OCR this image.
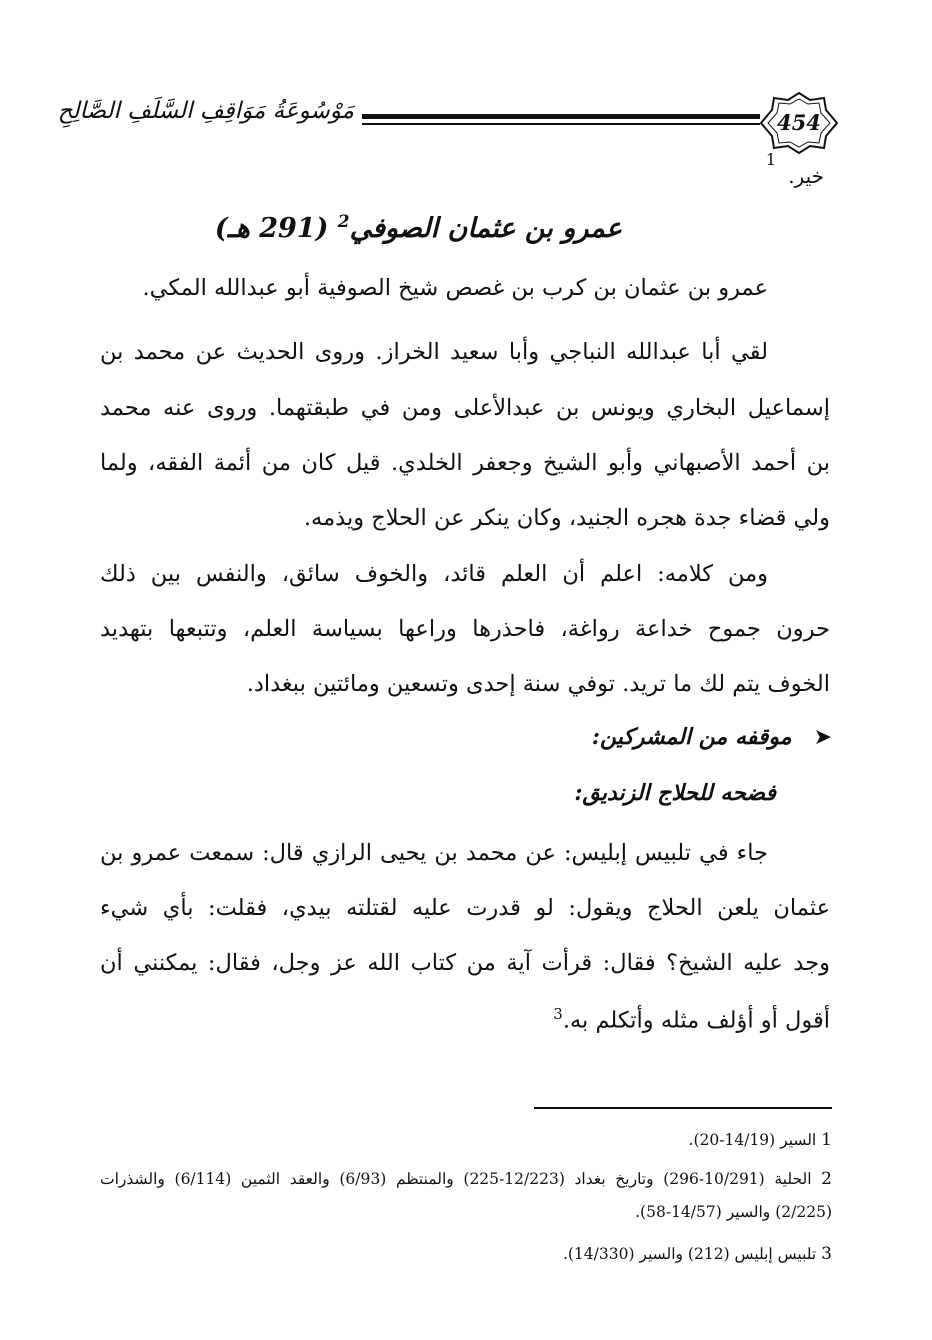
454
مَوْسُوعَةُ مَوَاقِفِ السَّلَفِ الصَّالِحِ
1
خير.
عمرو بن عثمان الصوفي$^2$ (291 هـ)
عمرو بن عثمان بن كرب بن غصص شيخ الصوفية أبو عبدالله المكي.
لقي أبا عبدالله النباجي وأبا سعيد الخراز. وروى الحديث عن محمد بن
إسماعيل البخاري ويونس بن عبدالأعلى ومن في طبقتهما. وروى عنه محمد
بن أحمد الأصبهاني وأبو الشيخ وجعفر الخلدي. قيل كان من أئمة الفقه، ولما
ولي قضاء جدة هجره الجنيد، وكان ينكر عن الحلاج ويذمه.
ومن كلامه: اعلم أن العلم قائد، والخوف سائق، والنفس بين ذلك
حرون جموح خداعة رواغة، فاحذرها وراعها بسياسة العلم، وتتبعها بتهديد
الخوف يتم لك ما تريد. توفي سنة إحدى وتسعين ومائتين ببغداد.
➤موقفه من المشركين:
فضحه للحلاج الزنديق:
جاء في تلبيس إبليس: عن محمد بن يحيى الرازي قال: سمعت عمرو بن
عثمان يلعن الحلاج ويقول: لو قدرت عليه لقتلته بيدي، فقلت: بأي شيء
وجد عليه الشيخ؟ فقال: قرأت آية من كتاب الله عز وجل، فقال: يمكنني أن
أقول أو أؤلف مثله وأتكلم به.$^3$
1 السير (14/19-20).
2 الحلية (10/291-296) وتاريخ بغداد (12/223-225) والمنتظم (6/93) والعقد الثمين (6/114) والشذرات (2/225) والسير (14/57-58).
3 تلبيس إبليس (212) والسير (14/330).
